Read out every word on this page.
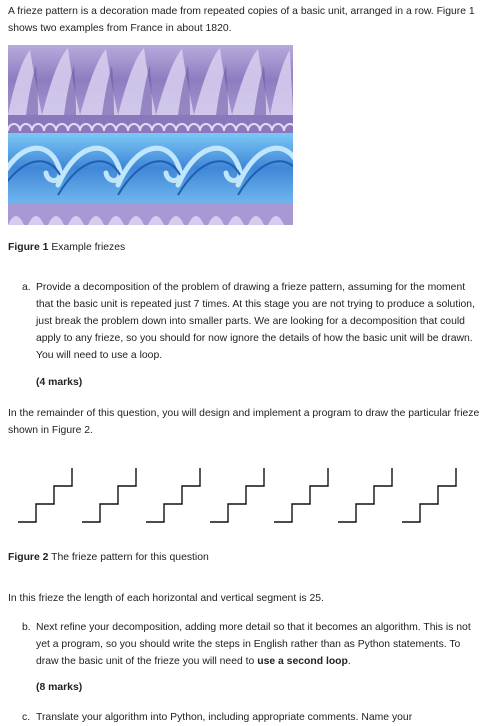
A frieze pattern is a decoration made from repeated copies of a basic unit, arranged in a row. Figure 1 shows two examples from France in about 1820.

Figure 1 Example friezes

a. Provide a decomposition of the problem of drawing a frieze pattern, assuming for the moment that the basic unit is repeated just 7 times. At this stage you are not trying to produce a solution, just break the problem down into smaller parts. We are looking for a decomposition that could apply to any frieze, so you should for now ignore the details of how the basic unit will be drawn. You will need to use a loop.

(4 marks)

In the remainder of this question, you will design and implement a program to draw the particular frieze shown in Figure 2.

Figure 2 The frieze pattern for this question

In this frieze the length of each horizontal and vertical segment is 25.

b. Next refine your decomposition, adding more detail so that it becomes an algorithm. This is not yet a program, so you should write the steps in English rather than as Python statements. To draw the basic unit of the frieze you will need to use a second loop.

(8 marks)

c. Translate your algorithm into Python, including appropriate comments. Name your
